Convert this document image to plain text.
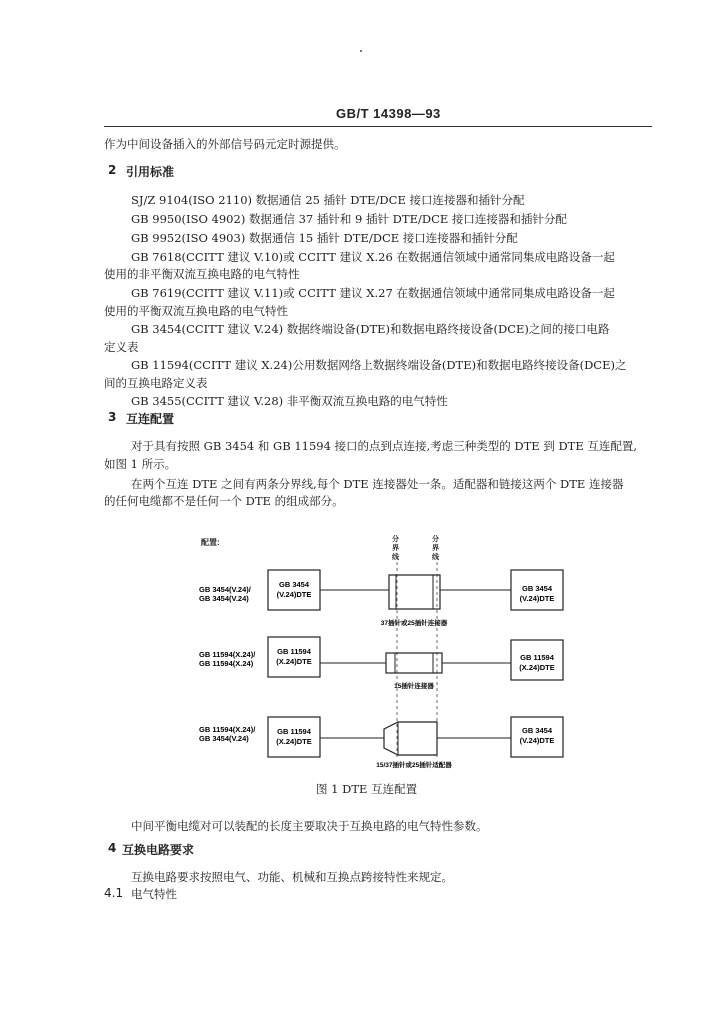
GB/T 14398—93
作为中间设备插入的外部信号码元定时源提供。
2 引用标准
SJ/Z 9104(ISO 2110) 数据通信 25 插针 DTE/DCE 接口连接器和插针分配
GB 9950(ISO 4902) 数据通信 37 插针和 9 插针 DTE/DCE 接口连接器和插针分配
GB 9952(ISO 4903) 数据通信 15 插针 DTE/DCE 接口连接器和插针分配
GB 7618(CCITT 建议 V.10)或 CCITT 建议 X.26 在数据通信领域中通常同集成电路设备一起
使用的非平衡双流互换电路的电气特性
GB 7619(CCITT 建议 V.11)或 CCITT 建议 X.27 在数据通信领域中通常同集成电路设备一起
使用的平衡双流互换电路的电气特性
GB 3454(CCITT 建议 V.24) 数据终端设备(DTE)和数据电路终接设备(DCE)之间的接口电路
定义表
GB 11594(CCITT 建议 X.24)公用数据网络上数据终端设备(DTE)和数据电路终接设备(DCE)之
间的互换电路定义表
GB 3455(CCITT 建议 V.28) 非平衡双流互换电路的电气特性
3 互连配置
对于具有按照 GB 3454 和 GB 11594 接口的点到点连接,考虑三种类型的 DTE 到 DTE 互连配置,
如图 1 所示。
在两个互连 DTE 之间有两条分界线,每个 DTE 连接器处一条。适配器和链接这两个 DTE 连接器
的任何电缆都不是任何一个 DTE 的组成部分。
配置:	分
界
线
分
界
线
GB 3454(V.24)/
GB 3454(V.24)
GB 3454
(V.24)DTE
GB 3454
(V.24)DTE
37插针或25插针连接器
GB 11594(X.24)/
GB 11594(X.24)
GB 11594
(X.24)DTE	GB 11594
(X.24)DTE
15插针连接器
GB 11594(X.24)/
GB 3454(V.24)
GB 11594
(X.24)DTE
GB 3454
(V.24)DTE
15/37插针或25插针适配器
图 1 DTE 互连配置
中间平衡电缆对可以装配的长度主要取决于互换电路的电气特性参数。
4 互换电路要求
互换电路要求按照电气、功能、机械和互换点跨接特性来规定。
4.1 电气特性
